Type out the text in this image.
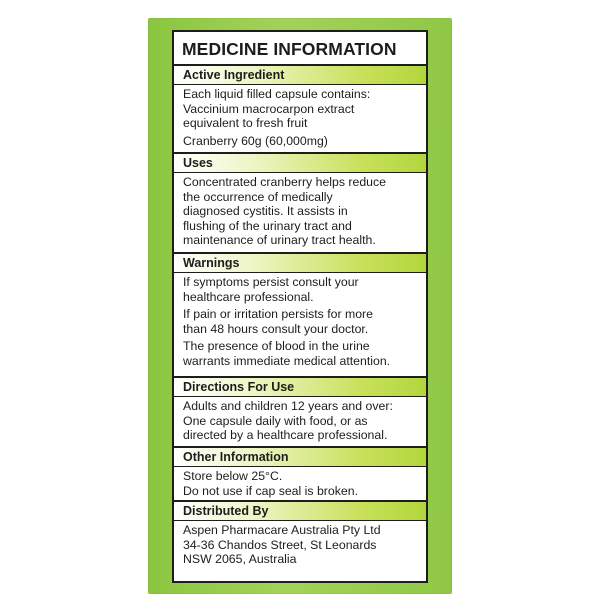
MEDICINE INFORMATION
Active Ingredient
Each liquid filled capsule contains:
Vaccinium macrocarpon extract
equivalent to fresh fruit
Cranberry 60g (60,000mg)
Uses
Concentrated cranberry helps reduce
the occurrence of medically
diagnosed cystitis. It assists in
flushing of the urinary tract and
maintenance of urinary tract health.
Warnings
If symptoms persist consult your
healthcare professional.
If pain or irritation persists for more
than 48 hours consult your doctor.
The presence of blood in the urine
warrants immediate medical attention.
Directions For Use
Adults and children 12 years and over:
One capsule daily with food, or as
directed by a healthcare professional.
Other Information
Store below 25°C.
Do not use if cap seal is broken.
Distributed By
Aspen Pharmacare Australia Pty Ltd
34-36 Chandos Street, St Leonards
NSW 2065, Australia
